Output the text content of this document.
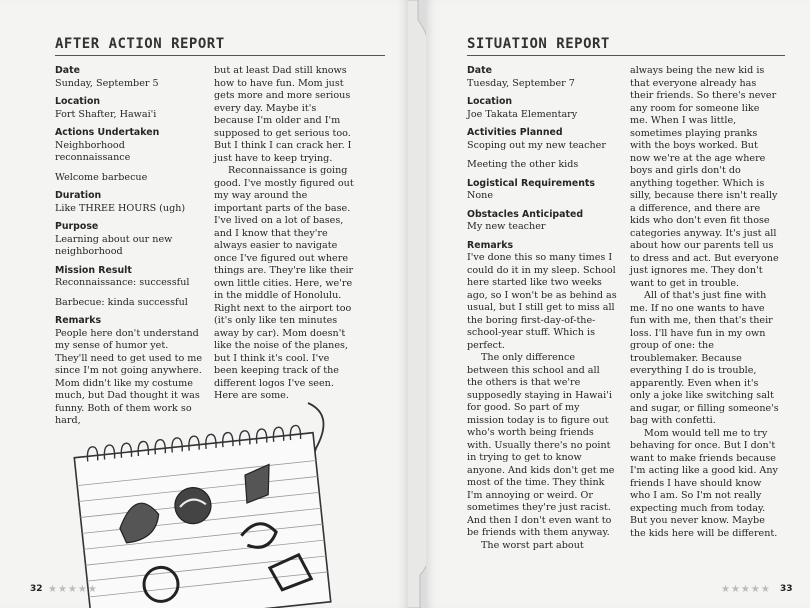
AFTER ACTION REPORT
Date

Sunday, September 5

Location

Fort Shafter, Hawai'i

Actions Undertaken

Neighborhood reconnaissance

Welcome barbecue

Duration

Like THREE HOURS (ugh)

Purpose

Learning about our new neighborhood

Mission Result

Reconnaissance: successful

Barbecue: kinda successful

Remarks

People here don't understand my sense of humor yet. They'll need to get used to me since I'm not going anywhere. Mom didn't like my costume much, but Dad thought it was funny. Both of them work so hard,

but at least Dad still knows how to have fun. Mom just gets more and more serious every day. Maybe it's because I'm older and I'm supposed to get serious too. But I think I can crack her. I just have to keep trying.

Reconnaissance is going good. I've mostly figured out my way around the important parts of the base. I've lived on a lot of bases, and I know that they're always easier to navigate once I've figured out where things are. They're like their own little cities. Here, we're in the middle of Honolulu. Right next to the airport too (it's only like ten minutes away by car). Mom doesn't like the noise of the planes, but I think it's cool. I've been keeping track of the different logos I've seen. Here are some.

32 ★★★★★
SITUATION REPORT
Date

Tuesday, September 7

Location

Joe Takata Elementary

Activities Planned

Scoping out my new teacher

Meeting the other kids

Logistical Requirements

None

Obstacles Anticipated

My new teacher

Remarks

I've done this so many times I could do it in my sleep. School here started like two weeks ago, so I won't be as behind as usual, but I still get to miss all the boring first-day-of-the-school-year stuff. Which is perfect.

The only difference between this school and all the others is that we're supposedly staying in Hawai'i for good. So part of my mission today is to figure out who's worth being friends with. Usually there's no point in trying to get to know anyone. And kids don't get me most of the time. They think I'm annoying or weird. Or sometimes they're just racist. And then I don't even want to be friends with them anyway.

The worst part about

always being the new kid is that everyone already has their friends. So there's never any room for someone like me. When I was little, sometimes playing pranks with the boys worked. But now we're at the age where boys and girls don't do anything together. Which is silly, because there isn't really a difference, and there are kids who don't even fit those categories anyway. It's just all about how our parents tell us to dress and act. But everyone just ignores me. They don't want to get in trouble.

All of that's just fine with me. If no one wants to have fun with me, then that's their loss. I'll have fun in my own group of one: the troublemaker. Because everything I do is trouble, apparently. Even when it's only a joke like switching salt and sugar, or filling someone's bag with confetti.

Mom would tell me to try behaving for once. But I don't want to make friends because I'm acting like a good kid. Any friends I have should know who I am. So I'm not really expecting much from today. But you never know. Maybe the kids here will be different.

★★★★★ 33
